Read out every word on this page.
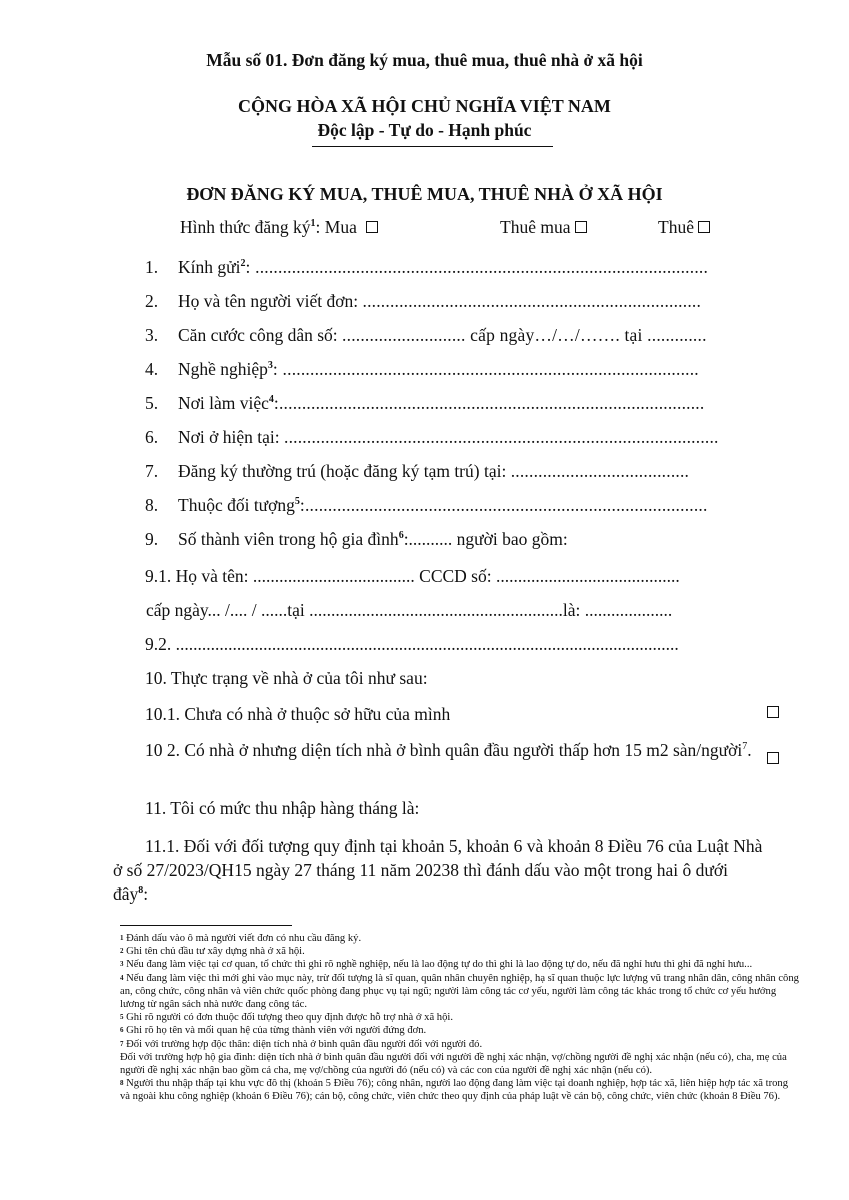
Mẫu số 01. Đơn đăng ký mua, thuê mua, thuê nhà ở xã hội
CỘNG HÒA XÃ HỘI CHỦ NGHĨA VIỆT NAM
Độc lập - Tự do - Hạnh phúc
ĐƠN ĐĂNG KÝ MUA, THUÊ MUA, THUÊ NHÀ Ở XÃ HỘI
Hình thức đăng $ký^1$: Mua	Thuê mua	Thuê
1. Kính gửi$^2$: ...................................................................................................
2. Họ và tên người viết đơn: ..........................................................................
3. Căn cước công dân số: ........................... cấp ngày…/…/……. tại .............
4. Nghề nghiệp$^3$: ...........................................................................................
5. Nơi làm việc$^4$:.............................................................................................
6. Nơi ở hiện tại: ...............................................................................................
7. Đăng ký thường trú (hoặc đăng ký tạm trú) tại: .......................................
8. Thuộc đối tượng$^5$:........................................................................................
9. Số thành viên trong hộ gia đình$^6$:.......... người bao gồm:
9.1. Họ và tên: ..................................... CCCD số: ..........................................
cấp ngày... /.... / ......tại ..........................................................là: ....................
9.2. ...................................................................................................................
10. Thực trạng về nhà ở của tôi như sau:
10.1. Chưa có nhà ở thuộc sở hữu của mình
10 2. Có nhà ở nhưng diện tích nhà ở bình quân đầu người thấp hơn 15 m2 sàn/người$^7$.
11. Tôi có mức thu nhập hàng tháng là:
11.1. Đối với đối tượng quy định tại khoản 5, khoản 6 và khoản 8 Điều 76 của Luật Nhà ở số 27/2023/QH15 ngày 27 tháng 11 năm 20238 thì đánh dấu vào một trong hai ô dưới đây$^8$:

$^1$ Đánh dấu vào ô mà người viết đơn có nhu cầu đăng ký.

$^2$ Ghi tên chủ đầu tư xây dựng nhà ở xã hội.

$^3$ Nếu đang làm việc tại cơ quan, tổ chức thì ghi rõ nghề nghiệp, nếu là lao động tự do thì ghi là lao động tự do, nếu đã nghỉ hưu thì ghi đã nghỉ hưu...

$^4$ Nếu đang làm việc thì mới ghi vào mục này, trừ đối tượng là sĩ quan, quân nhân chuyên nghiệp, hạ sĩ quan thuộc lực lượng vũ trang nhân dân, công nhân công an, công chức, công nhân và viên chức quốc phòng đang phục vụ tại ngũ; người làm công tác cơ yếu, người làm công tác khác trong tổ chức cơ yếu hưởng lương từ ngân sách nhà nước đang công tác.

$^5$ Ghi rõ người có đơn thuộc đối tượng theo quy định được hỗ trợ nhà ở xã hội.

$^6$ Ghi rõ họ tên và mối quan hệ của từng thành viên với người đứng đơn.

$^7$ Đối với trường hợp độc thân: diện tích nhà ở bình quân đầu người đối với người đó.

Đối với trường hợp hộ gia đình: diện tích nhà ở bình quân đầu người đối với người đề nghị xác nhận, vợ/chồng người đề nghị xác nhận (nếu có), cha, mẹ của người đề nghị xác nhận bao gồm cả cha, mẹ vợ/chồng của người đó (nếu có) và các con của người đề nghị xác nhận (nếu có).

$^8$ Người thu nhập thấp tại khu vực đô thị (khoản 5 Điều 76); công nhân, người lao động đang làm việc tại doanh nghiệp, hợp tác xã, liên hiệp hợp tác xã trong và ngoài khu công nghiệp (khoản 6 Điều 76); cán bộ, công chức, viên chức theo quy định của pháp luật về cán bộ, công chức, viên chức (khoản 8 Điều 76).
